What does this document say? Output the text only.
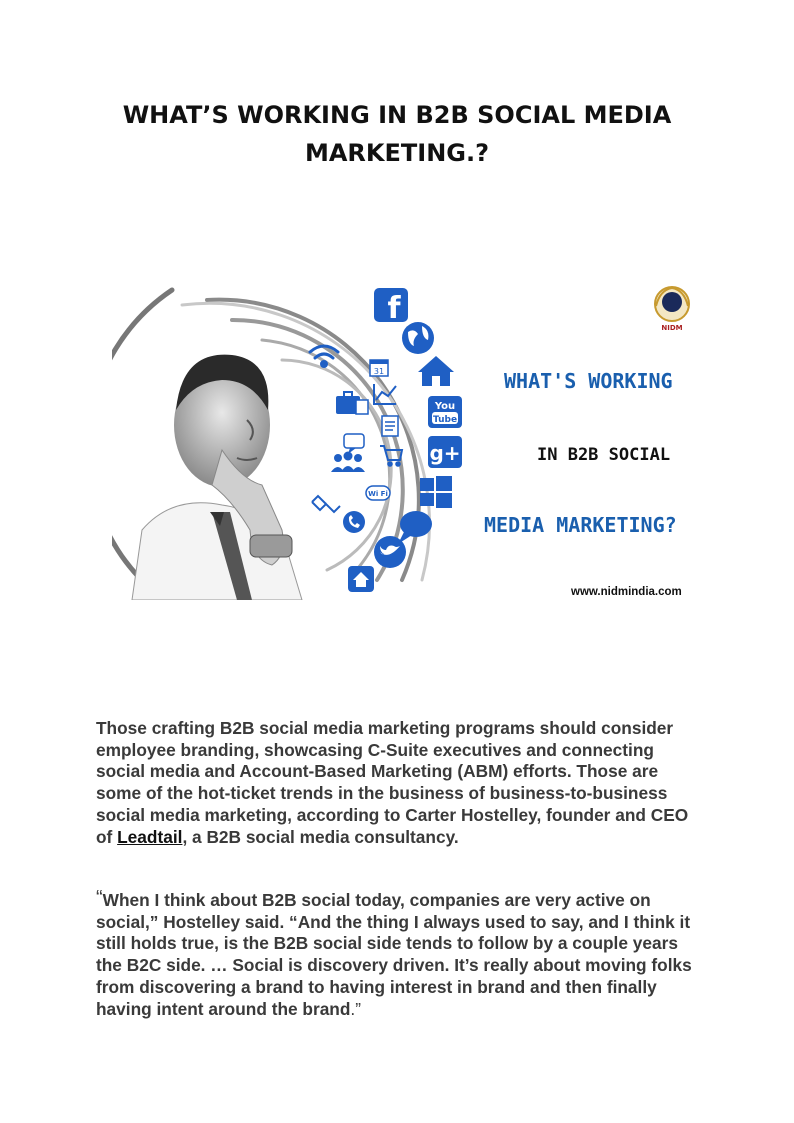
WHAT’S WORKING IN B2B SOCIAL MEDIA
MARKETING.?
f
You
Tube
g+
31
Wi Fi
NIDM
WHAT'S WORKING
IN B2B SOCIAL
MEDIA MARKETING?
www.nidmindia.com

Those crafting B2B social media marketing programs should consider employee branding, showcasing C-Suite executives and connecting social media and Account-Based Marketing (ABM) efforts. Those are some of the hot-ticket trends in the business of business-to-business social media marketing, according to Carter Hostelley, founder and CEO of Leadtail, a B2B social media consultancy.

“When I think about B2B social today, companies are very active on social,” Hostelley said. “And the thing I always used to say, and I think it still holds true, is the B2B social side tends to follow by a couple years the B2C side. … Social is discovery driven. It’s really about moving folks from discovering a brand to having interest in brand and then finally having intent around the brand.”
